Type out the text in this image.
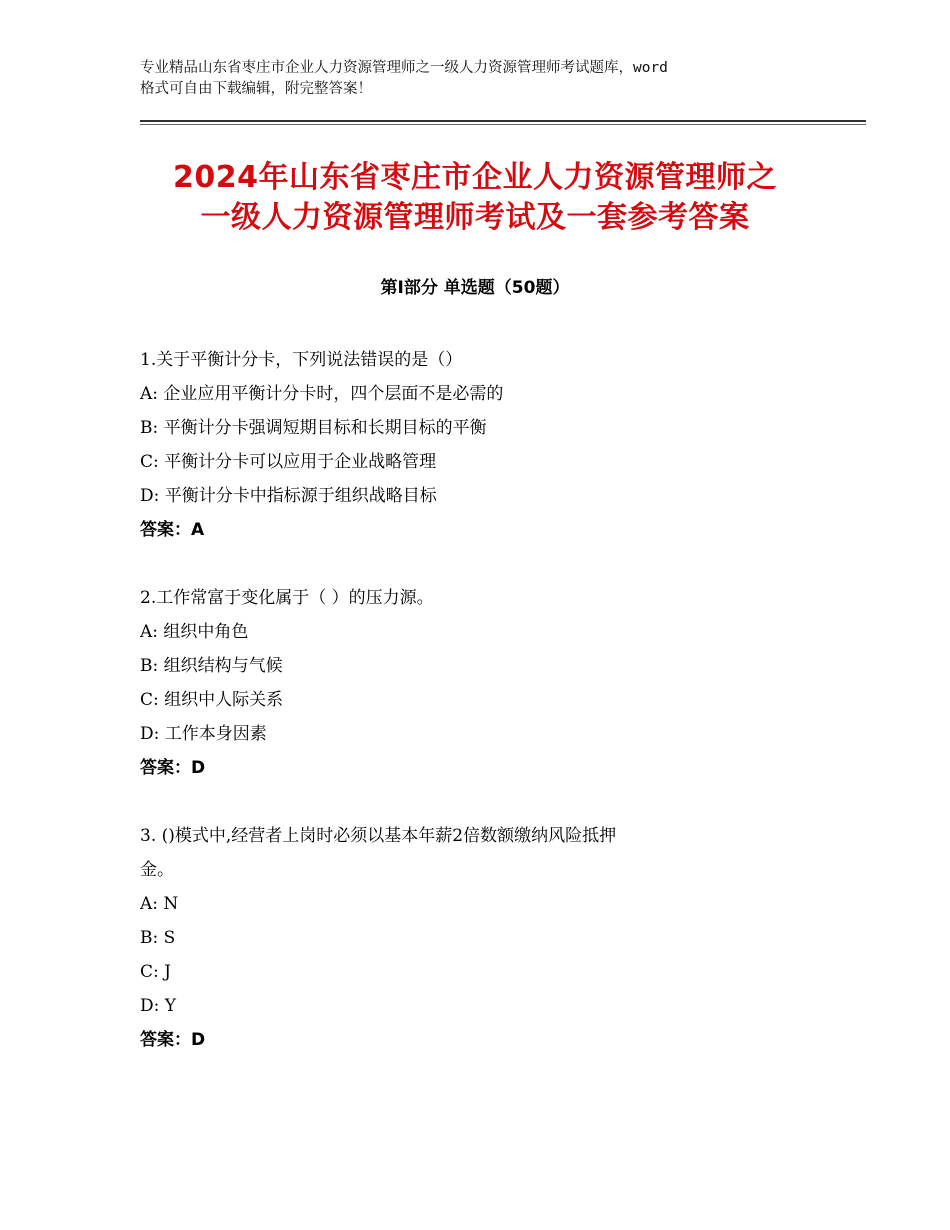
专业精品山东省枣庄市企业人力资源管理师之一级人力资源管理师考试题库，word
格式可自由下载编辑，附完整答案！
2024年山东省枣庄市企业人力资源管理师之
一级人力资源管理师考试及一套参考答案
第Ⅰ部分 单选题（50题）
1.关于平衡计分卡，下列说法错误的是（）
A: 企业应用平衡计分卡时，四个层面不是必需的
B: 平衡计分卡强调短期目标和长期目标的平衡
C: 平衡计分卡可以应用于企业战略管理
D: 平衡计分卡中指标源于组织战略目标
答案：A
2.工作常富于变化属于（ ）的压力源。
A: 组织中角色
B: 组织结构与气候
C: 组织中人际关系
D: 工作本身因素
答案：D
3. ()模式中,经营者上岗时必须以基本年薪2倍数额缴纳风险抵押
金。
A: N
B: S
C: J
D: Y
答案：D
